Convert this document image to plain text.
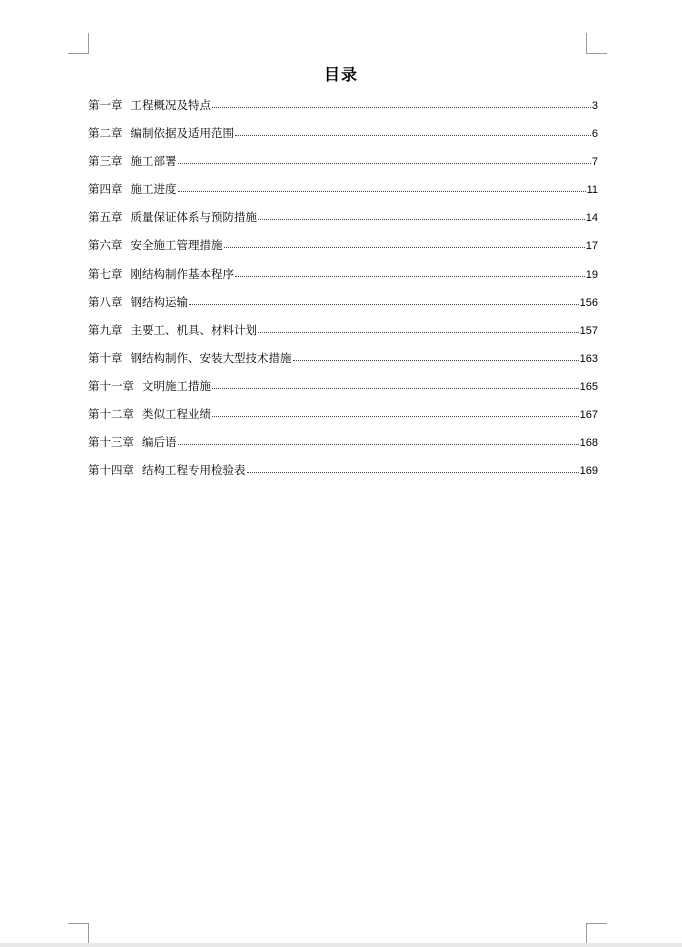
目录
第一章 工程概况及特点	3
第二章 编制依据及适用范围	6
第三章 施工部署	7
第四章 施工进度	11
第五章 质量保证体系与预防措施	14
第六章 安全施工管理措施	17
第七章 刚结构制作基本程序	19
第八章 钢结构运输	156
第九章 主要工、机具、材料计划	157
第十章 钢结构制作、安装大型技术措施	163
第十一章 文明施工措施	165
第十二章 类似工程业绩	167
第十三章 编后语	168
第十四章 结构工程专用检验表	169
